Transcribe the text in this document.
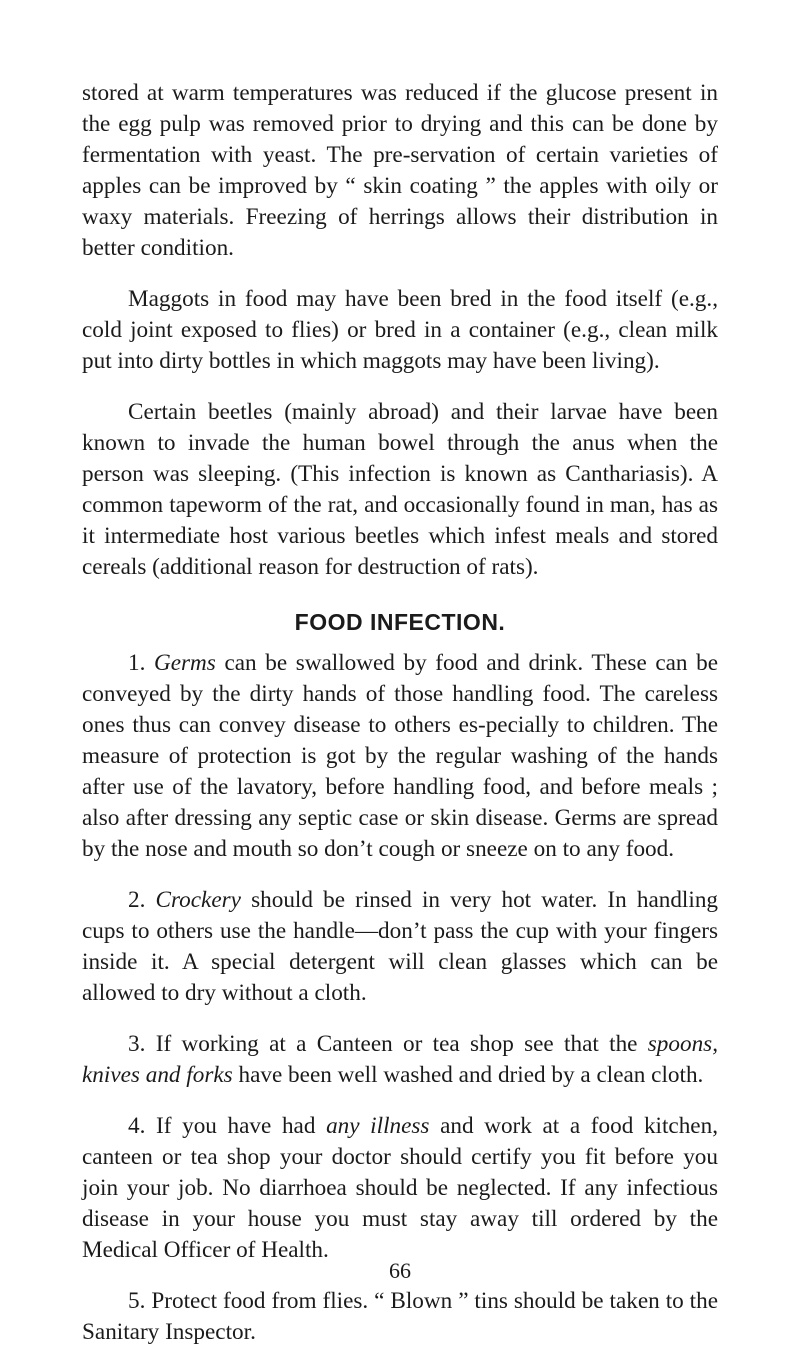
stored at warm temperatures was reduced if the glucose present in the egg pulp was removed prior to drying and this can be done by fermentation with yeast. The pre-servation of certain varieties of apples can be improved by “ skin coating ” the apples with oily or waxy materials. Freezing of herrings allows their distribution in better condition.

Maggots in food may have been bred in the food itself (e.g., cold joint exposed to flies) or bred in a container (e.g., clean milk put into dirty bottles in which maggots may have been living).

Certain beetles (mainly abroad) and their larvae have been known to invade the human bowel through the anus when the person was sleeping. (This infection is known as Canthariasis). A common tapeworm of the rat, and occasionally found in man, has as it intermediate host various beetles which infest meals and stored cereals (additional reason for destruction of rats).

FOOD INFECTION.

1. Germs can be swallowed by food and drink. These can be conveyed by the dirty hands of those handling food. The careless ones thus can convey disease to others es-pecially to children. The measure of protection is got by the regular washing of the hands after use of the lavatory, before handling food, and before meals ; also after dressing any septic case or skin disease. Germs are spread by the nose and mouth so don’t cough or sneeze on to any food.

2. Crockery should be rinsed in very hot water. In handling cups to others use the handle—don’t pass the cup with your fingers inside it. A special detergent will clean glasses which can be allowed to dry without a cloth.

3. If working at a Canteen or tea shop see that the spoons, knives and forks have been well washed and dried by a clean cloth.

4. If you have had any illness and work at a food kitchen, canteen or tea shop your doctor should certify you fit before you join your job. No diarrhoea should be neglected. If any infectious disease in your house you must stay away till ordered by the Medical Officer of Health.

5. Protect food from flies. “ Blown ” tins should be taken to the Sanitary Inspector.

66
